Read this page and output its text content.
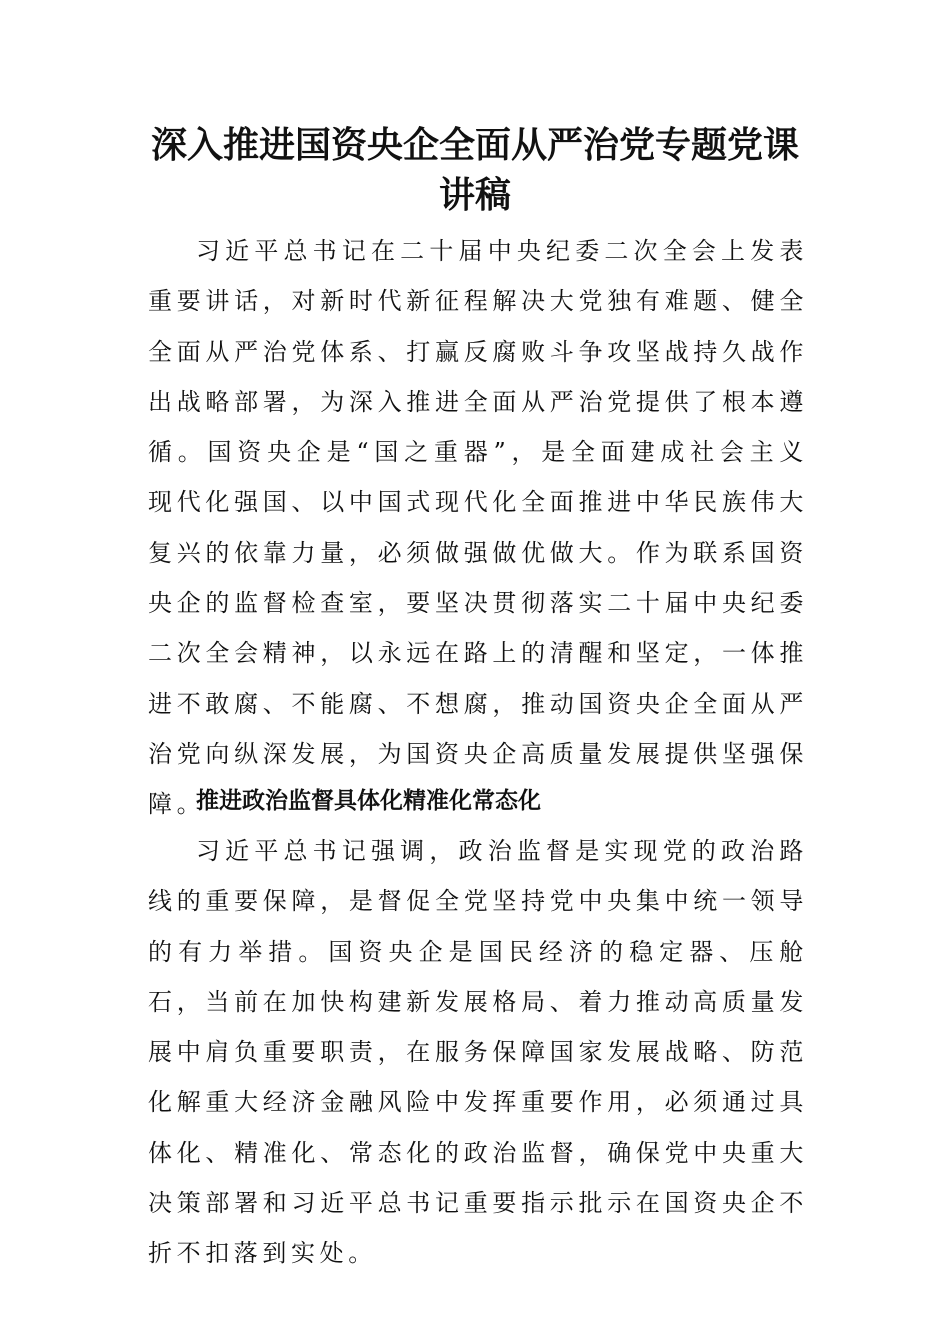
深入推进国资央企全面从严治党专题党课
讲稿

习近平总书记在二十届中央纪委二次全会上发表重要讲话，对新时代新征程解决大党独有难题、健全全面从严治党体系、打赢反腐败斗争攻坚战持久战作出战略部署，为深入推进全面从严治党提供了根本遵循。国资央企是“国之重器”，是全面建成社会主义现代化强国、以中国式现代化全面推进中华民族伟大复兴的依靠力量，必须做强做优做大。作为联系国资央企的监督检查室，要坚决贯彻落实二十届中央纪委二次全会精神，以永远在路上的清醒和坚定，一体推进不敢腐、不能腐、不想腐，推动国资央企全面从严治党向纵深发展，为国资央企高质量发展提供坚强保障。

推进政治监督具体化精准化常态化

习近平总书记强调，政治监督是实现党的政治路线的重要保障，是督促全党坚持党中央集中统一领导的有力举措。国资央企是国民经济的稳定器、压舱石，当前在加快构建新发展格局、着力推动高质量发展中肩负重要职责，在服务保障国家发展战略、防范化解重大经济金融风险中发挥重要作用，必须通过具体化、精准化、常态化的政治监督，确保党中央重大决策部署和习近平总书记重要指示批示在国资央企不折不扣落到实处。
